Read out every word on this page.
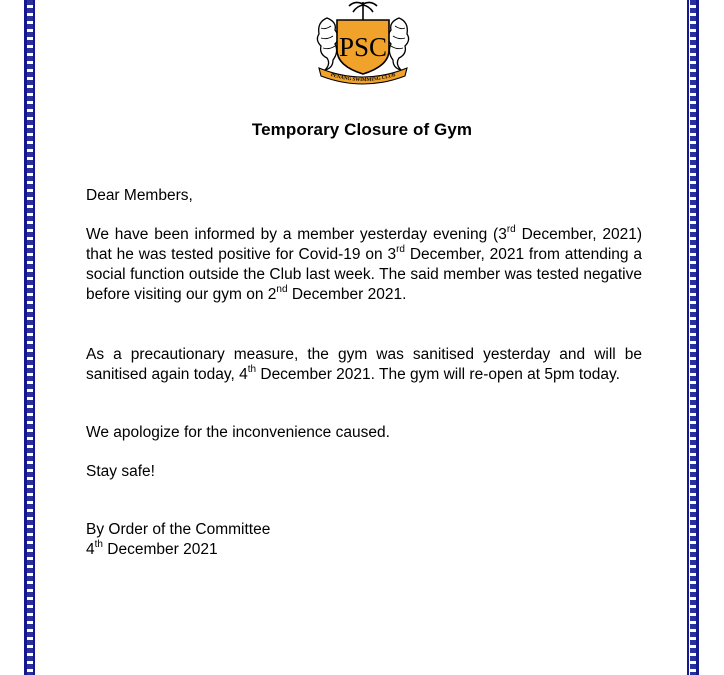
PSC
PENANG SWIMMING CLUB
Temporary Closure of Gym
Dear Members,
We have been informed by a member yesterday evening (3rd December, 2021) that he was tested positive for Covid-19 on 3rd December, 2021 from attending a social function outside the Club last week. The said member was tested negative before visiting our gym on 2nd December 2021.
As a precautionary measure, the gym was sanitised yesterday and will be sanitised again today, 4th December 2021. The gym will re-open at 5pm today.
We apologize for the inconvenience caused.
Stay safe!
By Order of the Committee
4th December 2021
